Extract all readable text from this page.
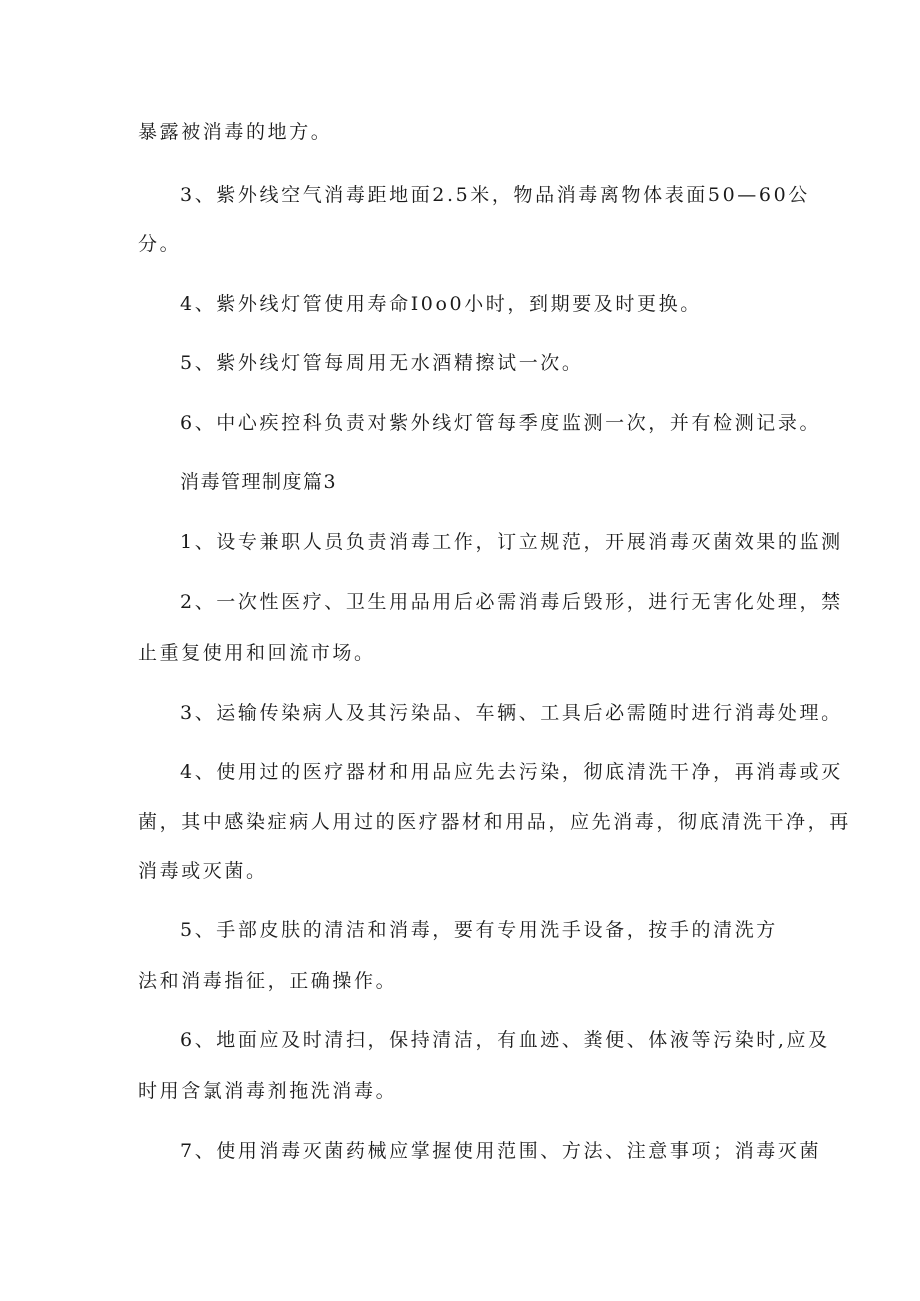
暴露被消毒的地方。
3、紫外线空气消毒距地面2.5米，物品消毒离物体表面50—60公
分。
4、紫外线灯管使用寿命I0o0小时，到期要及时更换。
5、紫外线灯管每周用无水酒精擦试一次。
6、中心疾控科负责对紫外线灯管每季度监测一次，并有检测记录。
消毒管理制度篇3
1、设专兼职人员负责消毒工作，订立规范，开展消毒灭菌效果的监测
2、一次性医疗、卫生用品用后必需消毒后毁形，进行无害化处理，禁
止重复使用和回流市场。
3、运输传染病人及其污染品、车辆、工具后必需随时进行消毒处理。
4、使用过的医疗器材和用品应先去污染，彻底清洗干净，再消毒或灭
菌，其中感染症病人用过的医疗器材和用品，应先消毒，彻底清洗干净，再
消毒或灭菌。
5、手部皮肤的清洁和消毒，要有专用洗手设备，按手的清洗方
法和消毒指征，正确操作。
6、地面应及时清扫，保持清洁，有血迹、粪便、体液等污染时,应及
时用含氯消毒剂拖洗消毒。
7、使用消毒灭菌药械应掌握使用范围、方法、注意事项；消毒灭菌
